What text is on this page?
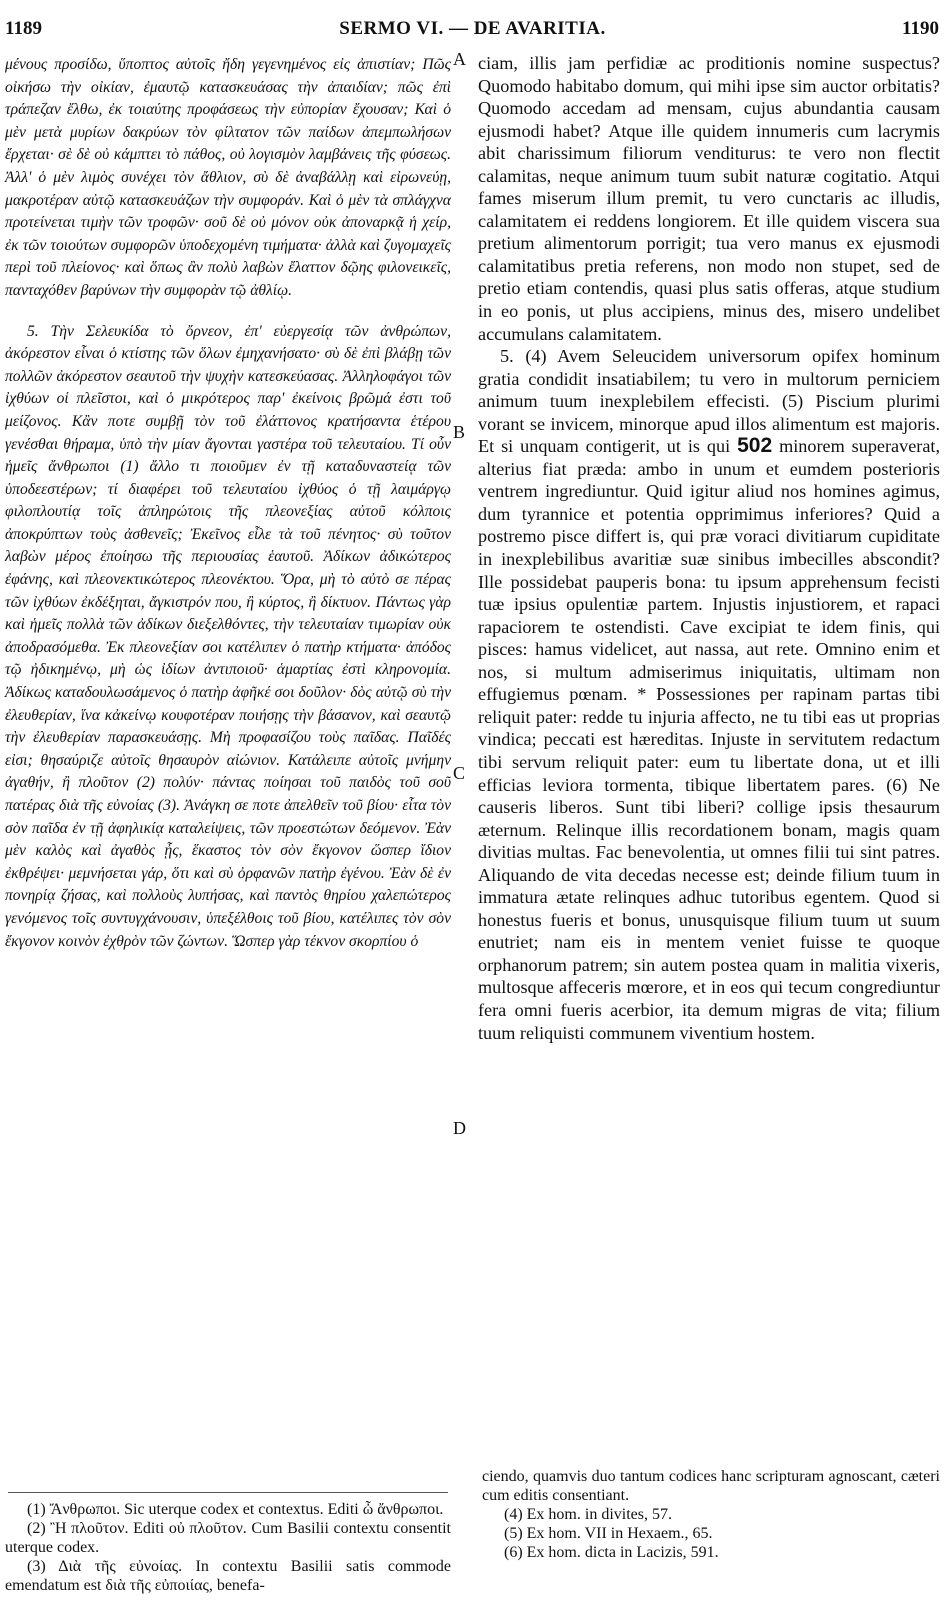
1189	SERMO VI. — DE AVARITIA.	1190

μένους προσίδω, ὕποπτος αὐτοῖς ἤδη γεγενημένος εἰς ἀπιστίαν; Πῶς οἰκήσω τὴν οἰκίαν, ἐμαυτῷ κατασκευάσας τὴν ἀπαιδίαν; πῶς ἐπὶ τράπεζαν ἔλθω, ἐκ τοιαύτης προφάσεως τὴν εὐπορίαν ἔχουσαν; Καὶ ὁ μὲν μετὰ μυρίων δακρύων τὸν φίλτατον τῶν παίδων ἀπεμπωλήσων ἔρχεται· σὲ δὲ οὐ κάμπτει τὸ πάθος, οὐ λογισμὸν λαμβάνεις τῆς φύσεως. Ἀλλ' ὁ μὲν λιμὸς συνέχει τὸν ἄθλιον, σὺ δὲ ἀναβάλλῃ καὶ εἰρωνεύῃ, μακροτέραν αὐτῷ κατασκευάζων τὴν συμφοράν. Καὶ ὁ μὲν τὰ σπλάγχνα προτείνεται τιμὴν τῶν τροφῶν· σοῦ δὲ οὐ μόνον οὐκ ἀποναρκᾷ ἡ χείρ, ἐκ τῶν τοιούτων συμφορῶν ὑποδεχομένη τιμήματα· ἀλλὰ καὶ ζυγομαχεῖς περὶ τοῦ πλείονος· καὶ ὅπως ἂν πολὺ λαβὼν ἔλαττον δῷης φιλονεικεῖς, πανταχόθεν βαρύνων τὴν συμφορὰν τῷ ἀθλίῳ.

5. Τὴν Σελευκίδα τὸ ὄρνεον, ἐπ' εὐεργεσίᾳ τῶν ἀνθρώπων, ἀκόρεστον εἶναι ὁ κτίστης τῶν ὅλων ἐμηχανήσατο· σὺ δὲ ἐπὶ βλάβῃ τῶν πολλῶν ἀκόρεστον σεαυτοῦ τὴν ψυχὴν κατεσκεύασας. Ἀλληλοφάγοι τῶν ἰχθύων οἱ πλεῖστοι, καὶ ὁ μικρότερος παρ' ἐκείνοις βρῶμά ἐστι τοῦ μείζονος. Κἂν ποτε συμβῇ τὸν τοῦ ἐλάττονος κρατήσαντα ἑτέρου γενέσθαι θήραμα, ὑπὸ τὴν μίαν ἄγονται γαστέρα τοῦ τελευταίου. Τί οὖν ἡμεῖς ἄνθρωποι (1) ἄλλο τι ποιοῦμεν ἐν τῇ καταδυναστείᾳ τῶν ὑποδεεστέρων; τί διαφέρει τοῦ τελευταίου ἰχθύος ὁ τῇ λαιμάργῳ φιλοπλουτίᾳ τοῖς ἀπληρώτοις τῆς πλεονεξίας αὐτοῦ κόλποις ἀποκρύπτων τοὺς ἀσθενεῖς; Ἐκεῖνος εἶλε τὰ τοῦ πένητος· σὺ τοῦτον λαβὼν μέρος ἐποίησω τῆς περιουσίας ἑαυτοῦ. Ἀδίκων ἀδικώτερος ἐφάνης, καὶ πλεονεκτικώτερος πλεονέκτου. Ὅρα, μὴ τὸ αὐτὸ σε πέρας τῶν ἰχθύων ἐκδέξηται, ἄγκιστρόν που, ἢ κύρτος, ἢ δίκτυον. Πάντως γὰρ καὶ ἡμεῖς πολλὰ τῶν ἀδίκων διεξελθόντες, τὴν τελευταίαν τιμωρίαν οὐκ ἀποδρασόμεθα. Ἐκ πλεονεξίαν σοι κατέλιπεν ὁ πατὴρ κτήματα· ἀπόδος τῷ ἠδικημένῳ, μὴ ὡς ἰδίων ἀντιποιοῦ· ἁμαρτίας ἐστὶ κληρονομία. Ἀδίκως καταδουλωσάμενος ὁ πατὴρ ἀφῆκέ σοι δοῦλον· δὸς αὐτῷ σὺ τὴν ἐλευθερίαν, ἵνα κἀκείνῳ κουφοτέραν ποιήσῃς τὴν βάσανον, καὶ σεαυτῷ τὴν ἐλευθερίαν παρασκευάσῃς. Μὴ προφασίζου τοὺς παῖδας. Παῖδές εἰσι; θησαύριζε αὐτοῖς θησαυρὸν αἰώνιον. Κατάλειπε αὐτοῖς μνήμην ἀγαθήν, ἢ πλοῦτον (2) πολύν· πάντας ποίησαι τοῦ παιδὸς τοῦ σοῦ πατέρας διὰ τῆς εὐνοίας (3). Ἀνάγκη σε ποτε ἀπελθεῖν τοῦ βίου· εἶτα τὸν σὸν παῖδα ἐν τῇ ἀφηλικίᾳ καταλείψεις, τῶν προεστώτων δεόμενον. Ἐὰν μὲν καλὸς καὶ ἀγαθὸς ᾖς, ἕκαστος τὸν σὸν ἔκγονον ὥσπερ ἴδιον ἐκθρέψει· μεμνήσεται γάρ, ὅτι καὶ σὺ ὀρφανῶν πατὴρ ἐγένου. Ἐὰν δὲ ἐν πονηρίᾳ ζήσας, καὶ πολλοὺς λυπήσας, καὶ παντὸς θηρίου χαλεπώτερος γενόμενος τοῖς συντυγχάνουσιν, ὑπεξέλθοις τοῦ βίου, κατέλιπες τὸν σὸν ἔκγονον κοινὸν ἐχθρὸν τῶν ζώντων. Ὥσπερ γὰρ τέκνον σκορπίου ὁ

ciam, illis jam perfidiæ ac proditionis nomine suspectus? Quomodo habitabo domum, qui mihi ipse sim auctor orbitatis? Quomodo accedam ad mensam, cujus abundantia causam ejusmodi habet? Atque ille quidem innumeris cum lacrymis abit charissimum filiorum venditurus: te vero non flectit calamitas, neque animum tuum subit naturæ cogitatio. Atqui fames miserum illum premit, tu vero cunctaris ac illudis, calamitatem ei reddens longiorem. Et ille quidem viscera sua pretium alimentorum porrigit; tua vero manus ex ejusmodi calamitatibus pretia referens, non modo non stupet, sed de pretio etiam contendis, quasi plus satis offeras, atque studium in eo ponis, ut plus accipiens, minus des, misero undelibet accumulans calamitatem.

5. (4) Avem Seleucidem universorum opifex hominum gratia condidit insatiabilem; tu vero in multorum perniciem animum tuum inexplebilem effecisti. (5) Piscium plurimi vorant se invicem, minorque apud illos alimentum est majoris. Et si unquam contigerit, ut is qui 502 minorem superaverat, alterius fiat præda: ambo in unum et eumdem posterioris ventrem ingrediuntur. Quid igitur aliud nos homines agimus, dum tyrannice et potentia opprimimus inferiores? Quid a postremo pisce differt is, qui præ voraci divitiarum cupiditate in inexplebilibus avaritiæ suæ sinibus imbecilles abscondit? Ille possidebat pauperis bona: tu ipsum apprehensum fecisti tuæ ipsius opulentiæ partem. Injustis injustiorem, et rapaci rapaciorem te ostendisti. Cave excipiat te idem finis, qui pisces: hamus videlicet, aut nassa, aut rete. Omnino enim et nos, si multum admiserimus iniquitatis, ultimam non effugiemus pœnam. * Possessiones per rapinam partas tibi reliquit pater: redde tu injuria affecto, ne tu tibi eas ut proprias vindica; peccati est hæreditas. Injuste in servitutem redactum tibi servum reliquit pater: eum tu libertate dona, ut et illi efficias leviora tormenta, tibique libertatem pares. (6) Ne causeris liberos. Sunt tibi liberi? collige ipsis thesaurum æternum. Relinque illis recordationem bonam, magis quam divitias multas. Fac benevolentia, ut omnes filii tui sint patres. Aliquando de vita decedas necesse est; deinde filium tuum in immatura ætate relinques adhuc tutoribus egentem. Quod si honestus fueris et bonus, unusquisque filium tuum ut suum enutriet; nam eis in mentem veniet fuisse te quoque orphanorum patrem; sin autem postea quam in malitia vixeris, multosque affeceris mœrore, et in eos qui tecum congrediuntur fera omni fueris acerbior, ita demum migras de vita; filium tuum reliquisti communem viventium hostem.

A
B
C
D
(1) Ἄνθρωποι. Sic uterque codex et contextus. Editi ὦ ἄνθρωποι.
(2) Ἢ πλοῦτον. Editi οὐ πλοῦτον. Cum Basilii contextu consentit uterque codex.
(3) Διὰ τῆς εὐνοίας. In contextu Basilii satis commode emendatum est διὰ τῆς εὐποιίας, benefa-
ciendo, quamvis duo tantum codices hanc scripturam agnoscant, cæteri cum editis consentiant.
(4) Ex hom. in divites, 57.
(5) Ex hom. VII in Hexaem., 65.
(6) Ex hom. dicta in Lacizis, 591.
